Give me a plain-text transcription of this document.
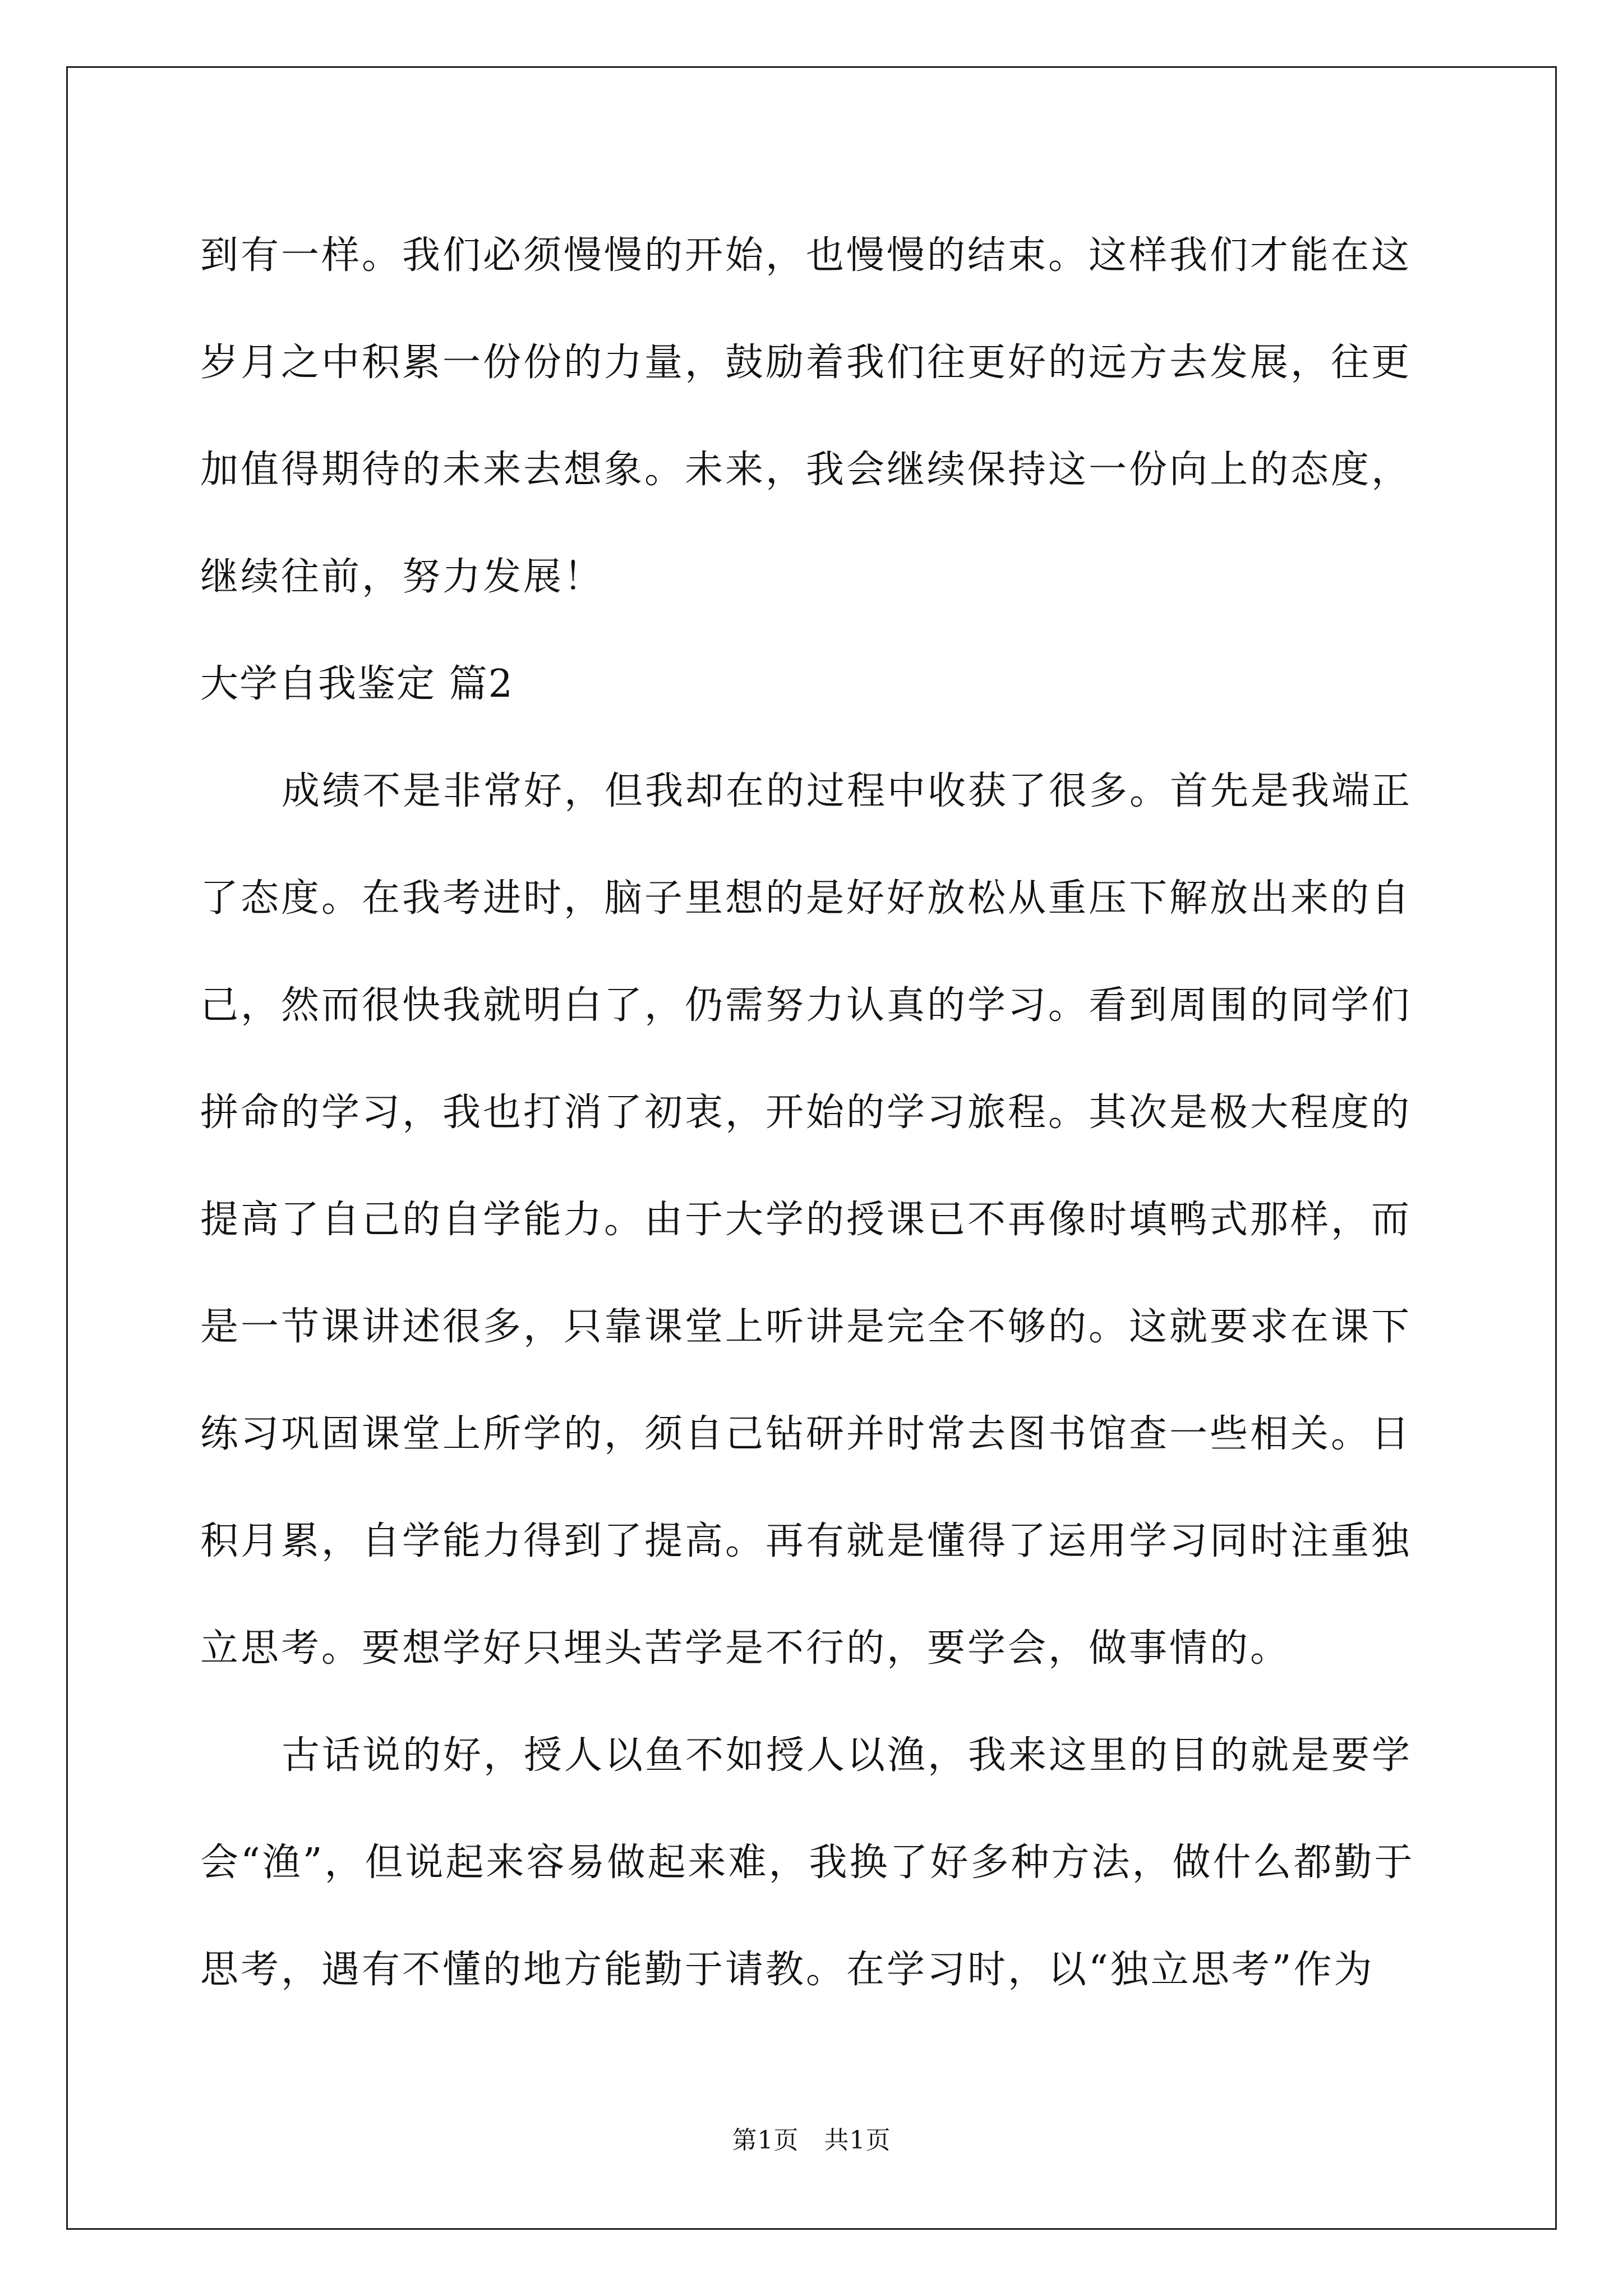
到有一样。我们必须慢慢的开始，也慢慢的结束。这样我们才能在这
岁月之中积累一份份的力量，鼓励着我们往更好的远方去发展，往更
加值得期待的未来去想象。未来，我会继续保持这一份向上的态度，
继续往前，努力发展！
大学自我鉴定 篇2
成绩不是非常好，但我却在的过程中收获了很多。首先是我端正
了态度。在我考进时，脑子里想的是好好放松从重压下解放出来的自
己，然而很快我就明白了，仍需努力认真的学习。看到周围的同学们
拼命的学习，我也打消了初衷，开始的学习旅程。其次是极大程度的
提高了自己的自学能力。由于大学的授课已不再像时填鸭式那样，而
是一节课讲述很多，只靠课堂上听讲是完全不够的。这就要求在课下
练习巩固课堂上所学的，须自己钻研并时常去图书馆查一些相关。日
积月累，自学能力得到了提高。再有就是懂得了运用学习同时注重独
立思考。要想学好只埋头苦学是不行的，要学会，做事情的。
古话说的好，授人以鱼不如授人以渔，我来这里的目的就是要学
会“渔”，但说起来容易做起来难，我换了好多种方法，做什么都勤于
思考，遇有不懂的地方能勤于请教。在学习时，以“独立思考”作为
第1页　共1页
